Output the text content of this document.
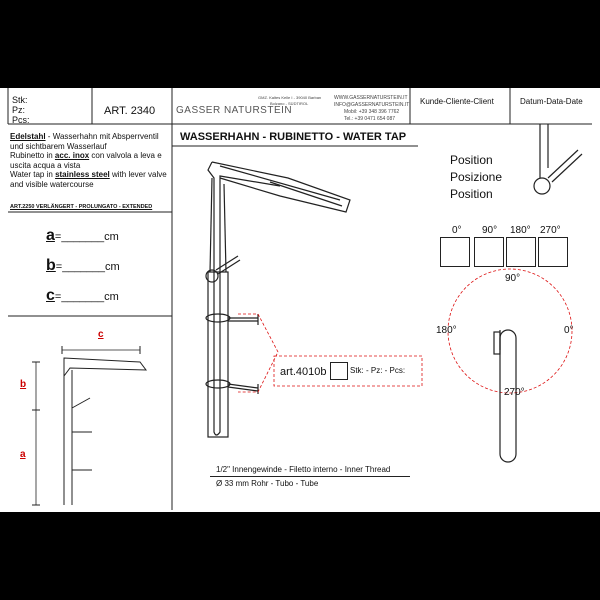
Stk:
Pz:
Pcs:
ART. 2340 GASSER NATURSTEIN
GMZ. Kaltes Kelle I - 39040 Barban
Bolzano - SÜDTIROL
WWW.GASSERNATURSTEIN.IT
INFO@GASSERNATURSTEIN.IT
Mobil: +39 348 396 7762
Tel.: +39 0471 654 087
Kunde-Cliente-Client	Datum-Data-Date
WASSERHAHN - RUBINETTO - WATER TAP
Edelstahl - Wasserhahn mit Absperrventil und sichtbarem Wasserlauf
Rubinetto in acc. inox con valvola a leva e uscita acqua a vista
Water tap in stainless steel with lever valve and visible watercourse
ART.2250 VERLÄNGERT - PROLUNGATO - EXTENDED
a=_______cm
b=_______cm
c=_______cm
c
b
a
Position
Posizione
Position
0° 90° 180° 270°
90°
180°	0°
270°
art.4010b	Stk: - Pz: - Pcs:
1/2" Innengewinde - Filetto interno - Inner Thread
Ø 33 mm Rohr - Tubo - Tube
